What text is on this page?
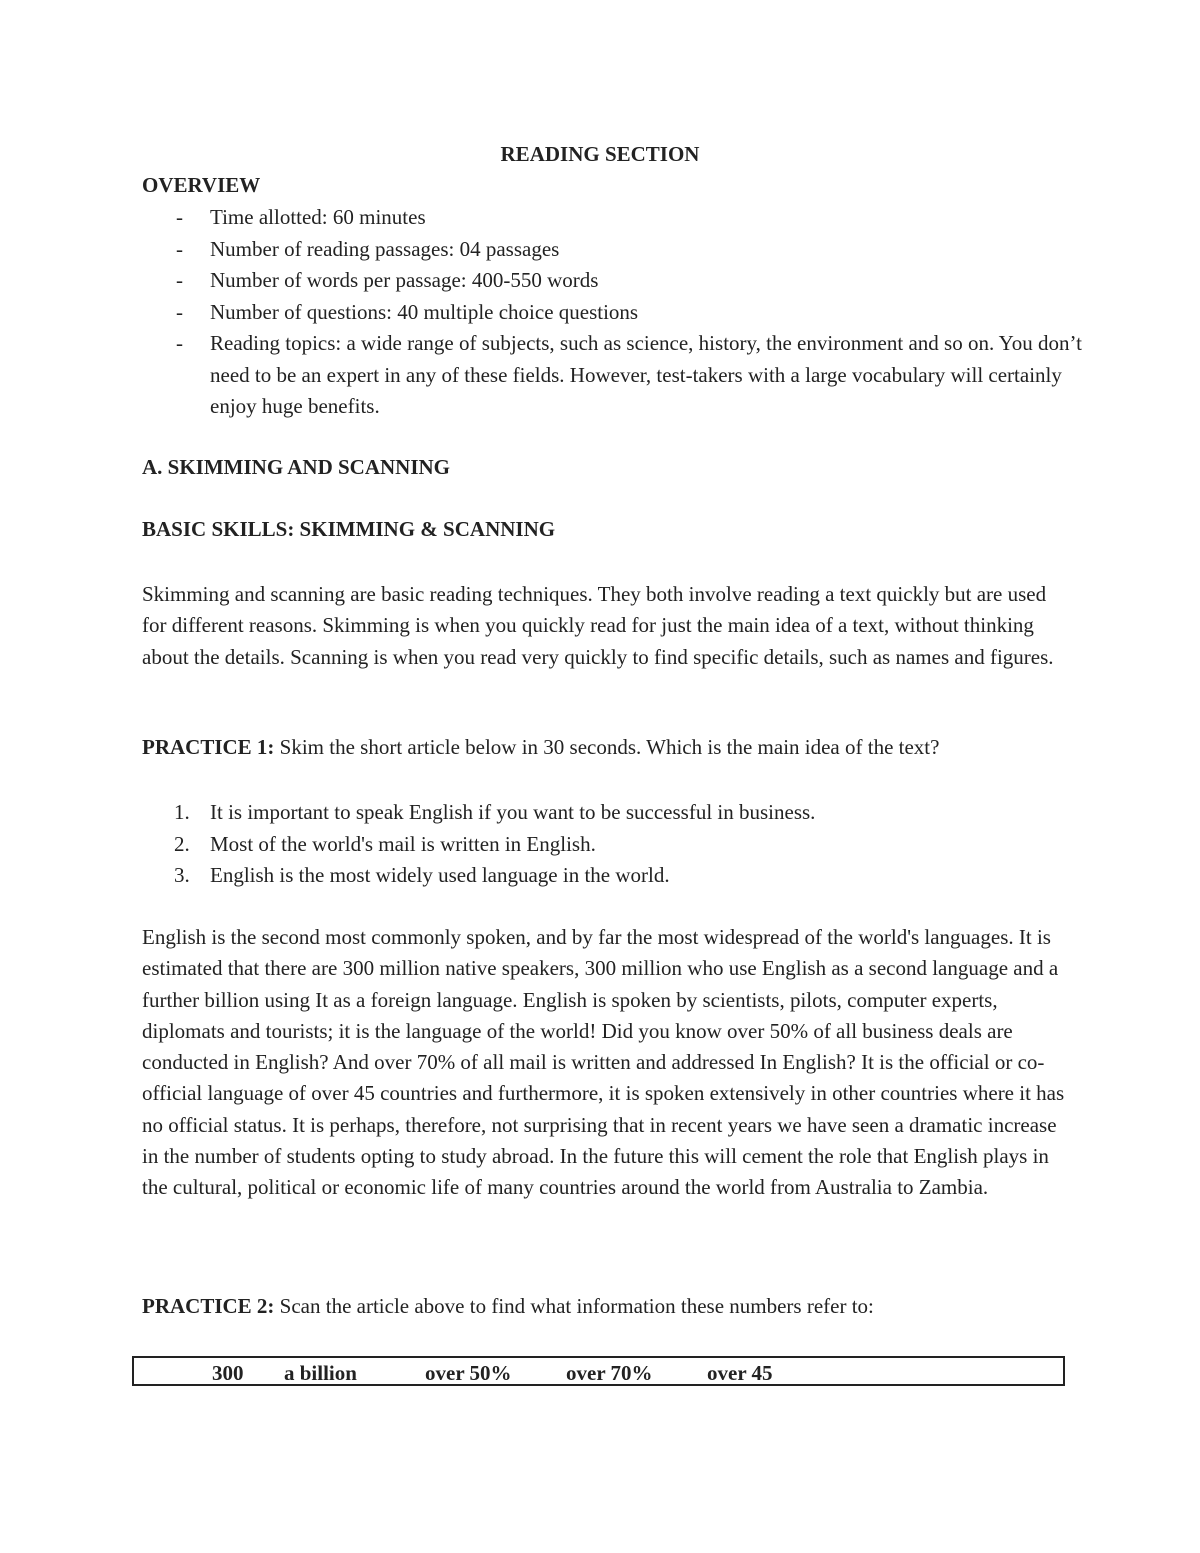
READING SECTION
OVERVIEW
- Time allotted: 60 minutes
- Number of reading passages: 04 passages
- Number of words per passage: 400-550 words
- Number of questions: 40 multiple choice questions
- Reading topics: a wide range of subjects, such as science, history, the environment and so on. You don’t need to be an expert in any of these fields. However, test-takers with a large vocabulary will certainly enjoy huge benefits.
A. SKIMMING AND SCANNING
BASIC SKILLS: SKIMMING & SCANNING

Skimming and scanning are basic reading techniques. They both involve reading a text quickly but are used for different reasons. Skimming is when you quickly read for just the main idea of a text, without thinking about the details. Scanning is when you read very quickly to find specific details, such as names and figures.

PRACTICE 1: Skim the short article below in 30 seconds. Which is the main idea of the text?
1. It is important to speak English if you want to be successful in business.
2. Most of the world's mail is written in English.
3. English is the most widely used language in the world.

English is the second most commonly spoken, and by far the most widespread of the world's languages. It is estimated that there are 300 million native speakers, 300 million who use English as a second language and a further billion using It as a foreign language. English is spoken by scientists, pilots, computer experts, diplomats and tourists; it is the language of the world! Did you know over 50% of all business deals are conducted in English? And over 70% of all mail is written and addressed In English? It is the official or co-official language of over 45 countries and furthermore, it is spoken extensively in other countries where it has no official status. It is perhaps, therefore, not surprising that in recent years we have seen a dramatic increase in the number of students opting to study abroad. In the future this will cement the role that English plays in the cultural, political or economic life of many countries around the world from Australia to Zambia.

PRACTICE 2: Scan the article above to find what information these numbers refer to:
300 a billion	over 50%	over 70%	over 45
